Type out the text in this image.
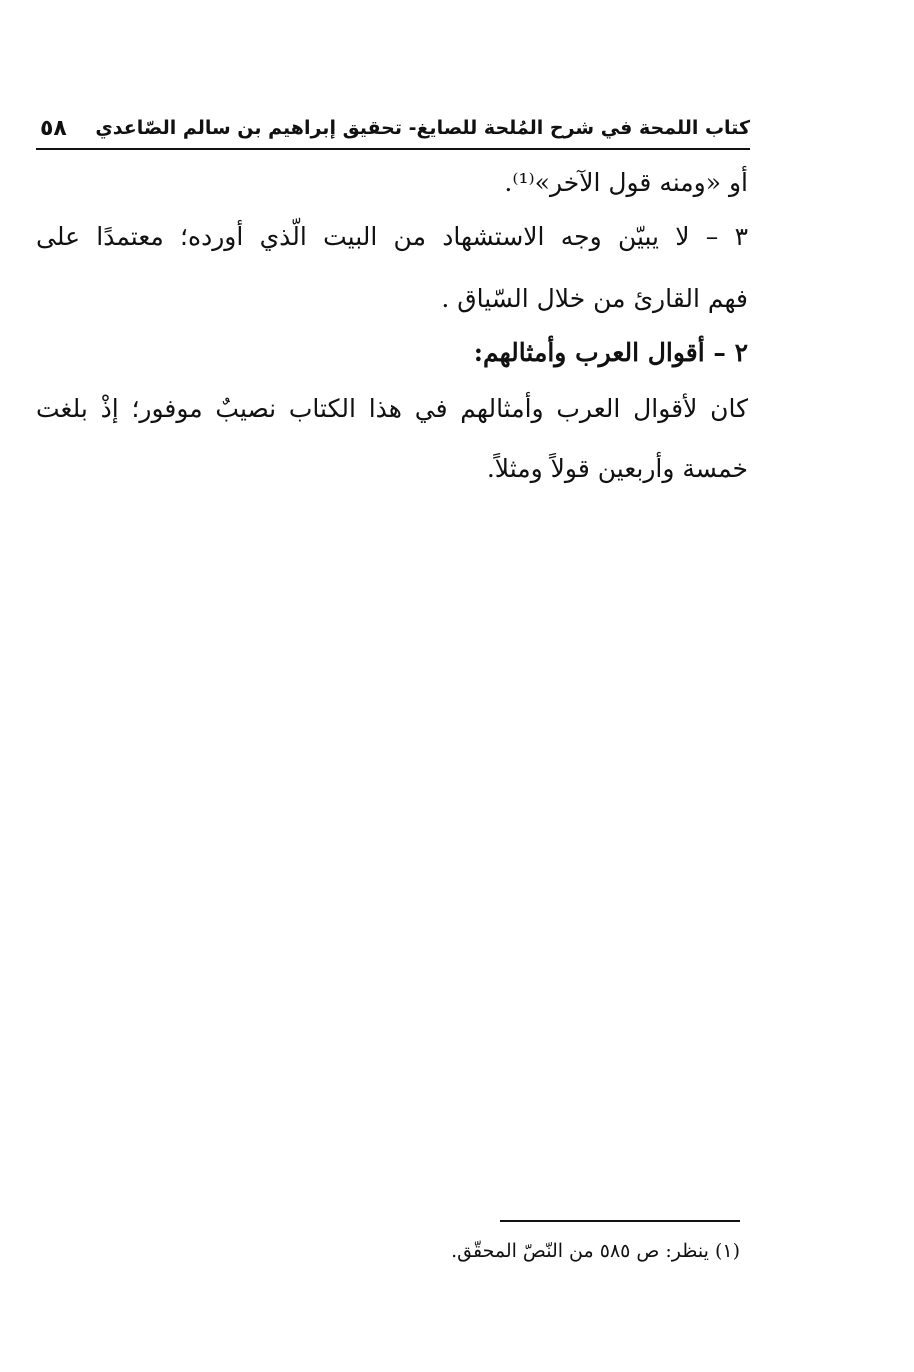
٥٨ كتاب اللمحة في شرح المُلحة للصايغ- تحقيق إبراهيم بن سالم الصّاعدي
أو «ومنه قول الآخر»⁽¹⁾.
٣ – لا يبيّن وجه الاستشهاد من البيت الّذي أورده؛ معتمدًا على
فهم القارئ من خلال السّياق .
٢ – أقوال العرب وأمثالهم:
كان لأقوال العرب وأمثالهم في هذا الكتاب نصيبٌ موفور؛ إذْ بلغت
خمسة وأربعين قولاً ومثلاً.
(١) ينظر: ص ٥٨٥ من النّصّ المحقّق.
